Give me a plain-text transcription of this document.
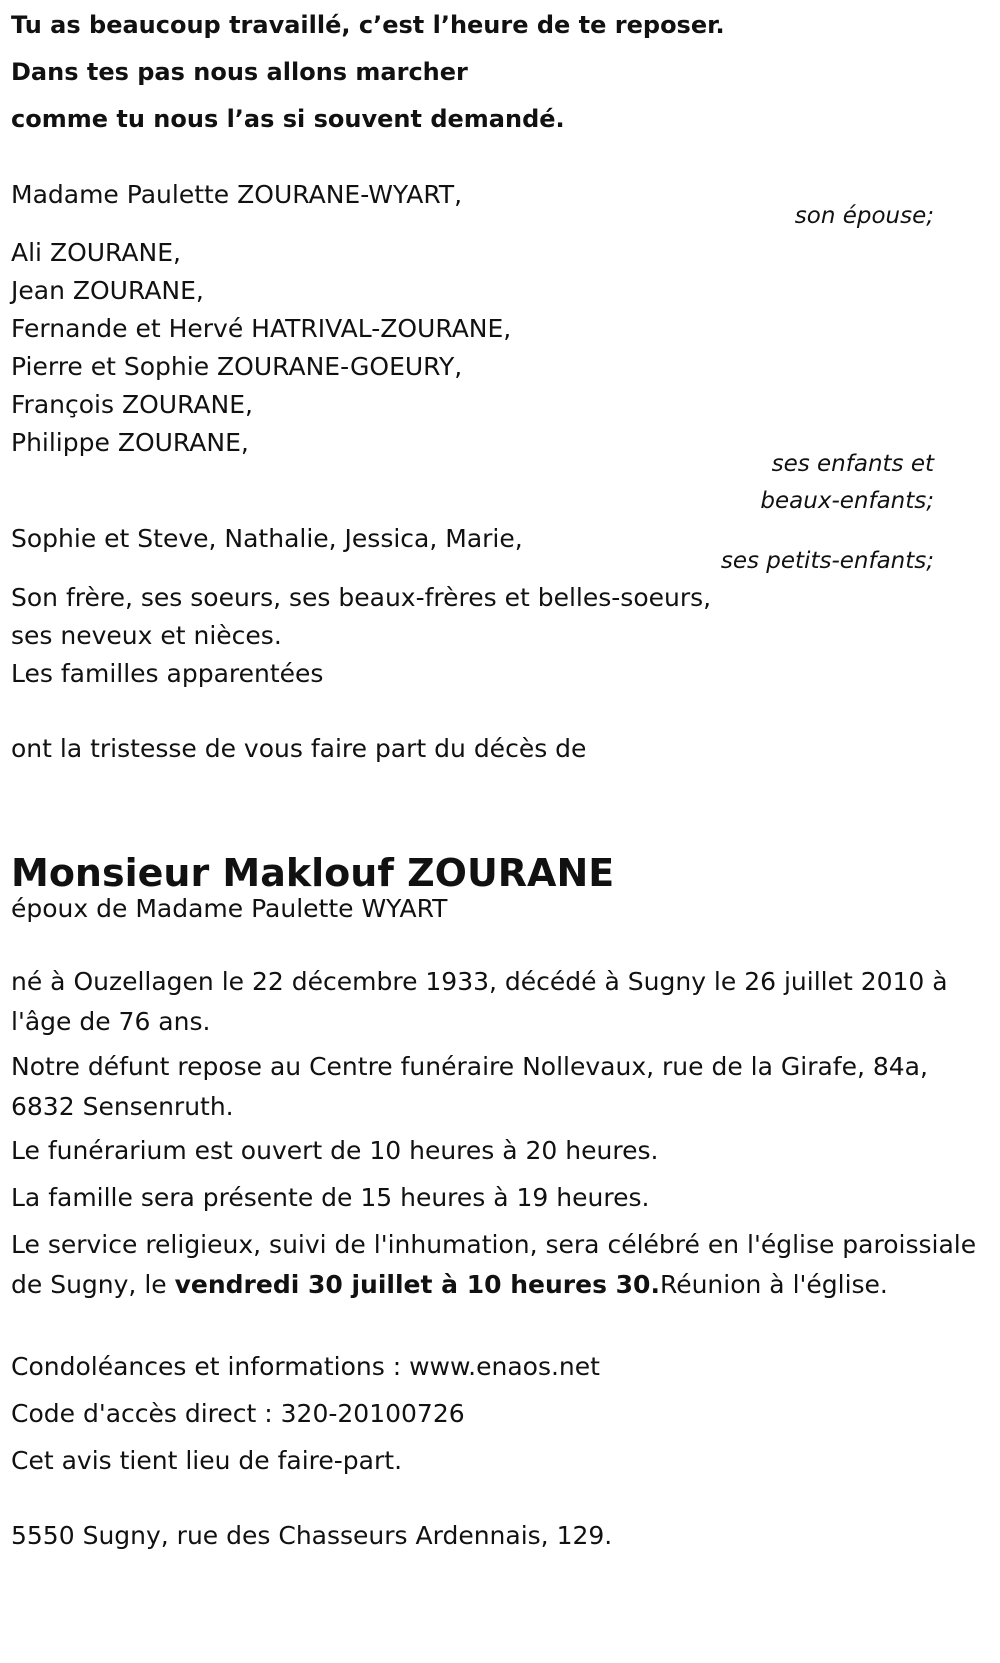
Tu as beaucoup travaillé, c’est l’heure de te reposer.
Dans tes pas nous allons marcher
comme tu nous l’as si souvent demandé.
Madame Paulette ZOURANE-WYART,
son épouse;
Ali ZOURANE,
Jean ZOURANE,
Fernande et Hervé HATRIVAL-ZOURANE,
Pierre et Sophie ZOURANE-GOEURY,
François ZOURANE,
Philippe ZOURANE,
ses enfants et
beaux-enfants;
Sophie et Steve, Nathalie, Jessica, Marie,
ses petits-enfants;
Son frère, ses soeurs, ses beaux-frères et belles-soeurs,
ses neveux et nièces.
Les familles apparentées
ont la tristesse de vous faire part du décès de
Monsieur Maklouf ZOURANE
époux de Madame Paulette WYART
né à Ouzellagen le 22 décembre 1933, décédé à Sugny le 26 juillet 2010 à l'âge de 76 ans.
Notre défunt repose au Centre funéraire Nollevaux, rue de la Girafe, 84a, 6832 Sensenruth.
Le funérarium est ouvert de 10 heures à 20 heures.
La famille sera présente de 15 heures à 19 heures.
Le service religieux, suivi de l'inhumation, sera célébré en l'église paroissiale de Sugny, le vendredi 30 juillet à 10 heures 30.Réunion à l'église.
Condoléances et informations : www.enaos.net
Code d'accès direct : 320-20100726
Cet avis tient lieu de faire-part.
5550 Sugny, rue des Chasseurs Ardennais, 129.
